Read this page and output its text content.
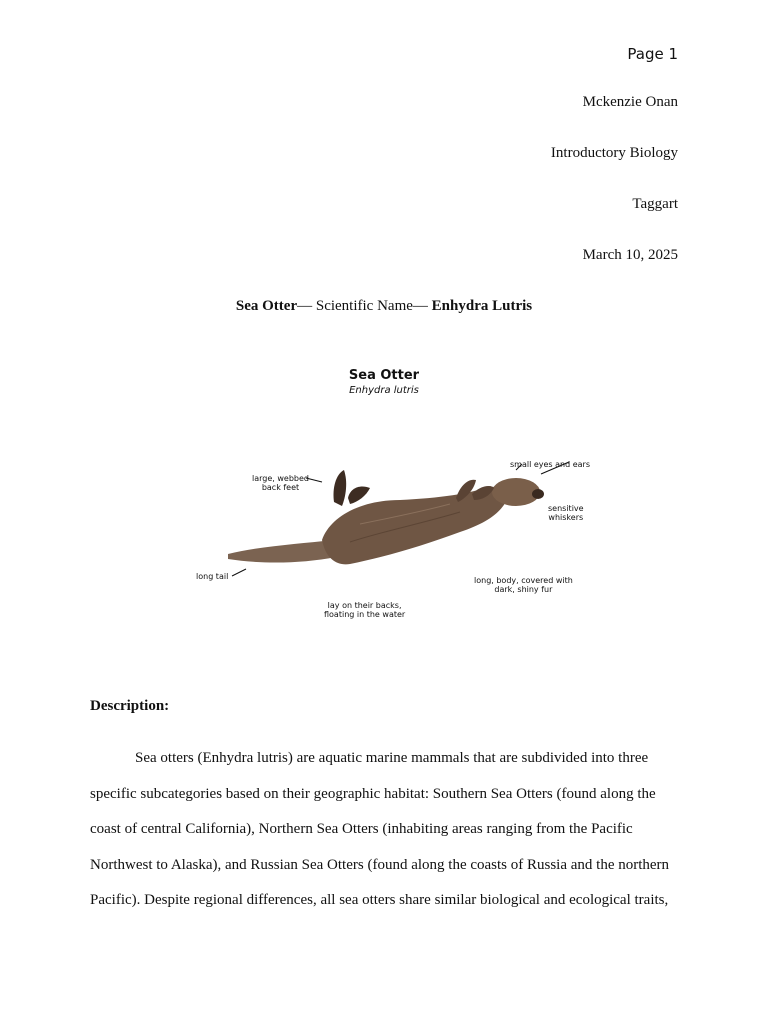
Page 1
Mckenzie Onan
Introductory Biology
Taggart
March 10, 2025
Sea Otter— Scientific Name— Enhydra Lutris
Sea Otter
Enhydra lutris
large, webbed
back feet
small eyes and ears
sensitive
whiskers
long tail	long, body, covered with
dark, shiny fur
lay on their backs,
floating in the water
Description:

Sea otters (Enhydra lutris) are aquatic marine mammals that are subdivided into three specific subcategories based on their geographic habitat: Southern Sea Otters (found along the coast of central California), Northern Sea Otters (inhabiting areas ranging from the Pacific Northwest to Alaska), and Russian Sea Otters (found along the coasts of Russia and the northern Pacific). Despite regional differences, all sea otters share similar biological and ecological traits,
